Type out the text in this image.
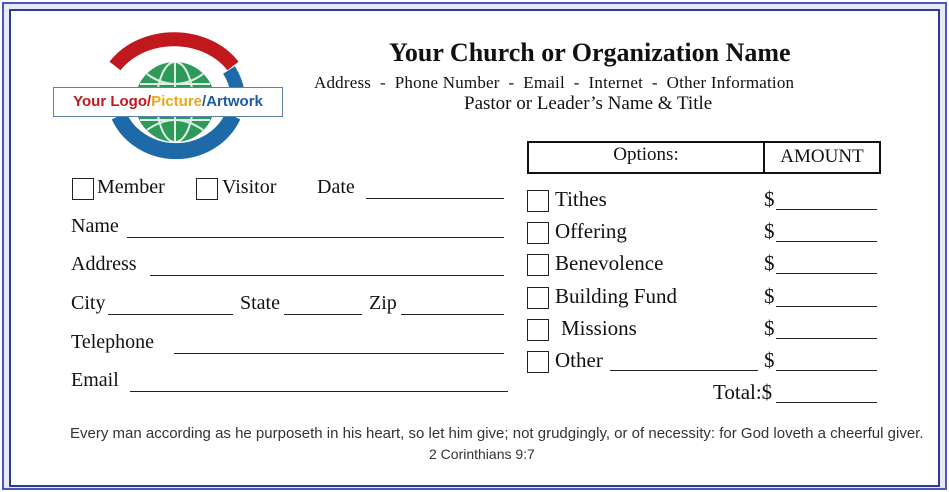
Your Logo/Picture/Artwork
Your Church or Organization Name
Address  -  Phone Number  -  Email  -  Internet  -  Other Information
Pastor or Leader’s Name & Title
Member	Visitor Date
Name
Address
City	State	Zip
Telephone
Email
Options:	AMOUNT
Tithes	$
Offering	$
Benevolence	$
Building Fund	$
Missions	$
Other	$
Total:$
Every man according as he purposeth in his heart, so let him give; not grudgingly, or of necessity: for God loveth a cheerful giver.
2 Corinthians 9:7
